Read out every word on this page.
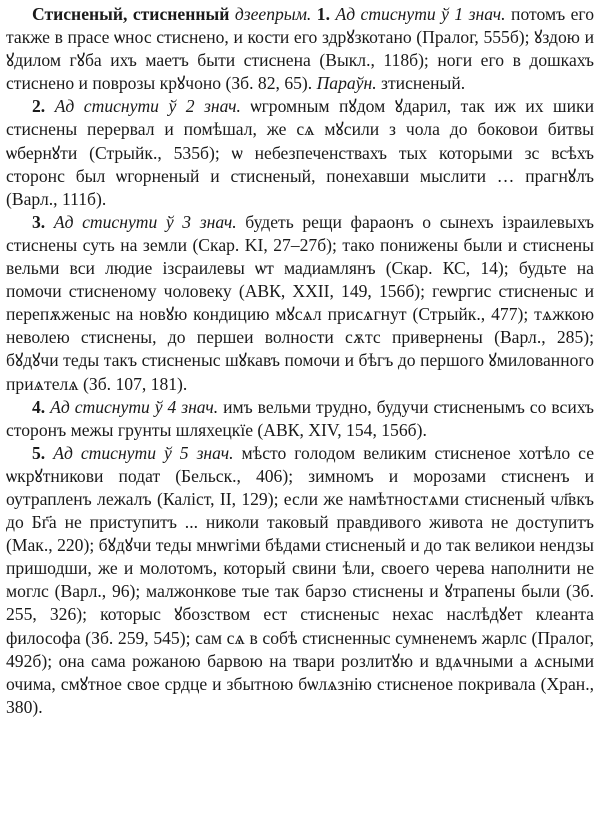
Стисненый, стисненный дзеепрым. 1. Ад стиснути ў 1 знач. потомъ его также в прасе ѡнос стиснено, и кости его здрꙋзкотано (Пралог, 555б); ꙋздою и ꙋдилом гꙋба ихъ маетъ быти стиснена (Выкл., 118б); ноги его в дошкахъ стиснено и поврозы крꙋчоно (Зб. 82, 65). Параўн. зтисненый.

2. Ад стиснути ў 2 знач. ѡгромным пꙋдом ꙋдарил, так иж их шики стиснены перервал и помѣшал, же сѧ мꙋсили з чола до боковои битвы ѡбернꙋти (Стрыйк., 535б); ѡ небезпеченствахъ тых которыми зс всѣхъ сторонс был ѡгорненый и стисненый, понехавши мыслити … прагнꙋлъ (Варл., 111б).

3. Ад стиснути ў 3 знач. будеть рещи фараонъ о сынехъ ізраилевыхъ стиснены суть на земли (Скар. KI, 27–27б); тако понижены были и стиснены вельми вси людие ізсраилевы ѡт мадиамлянъ (Скар. КС, 14); будьте на помочи стисненому чоловеку (АВК, XXII, 149, 156б); геѡргис стисненыс и перепѫженыс на новꙋю кондицию мꙋсѧл присѧгнут (Стрыйк., 477); тѧжкою неволею стиснены, до першеи волности сѫтс привернены (Варл., 285); бꙋдꙋчи теды такъ стисненыс шꙋкавъ помочи и бѣгъ до першого ꙋмилованного приѧтелѧ (Зб. 107, 181).

4. Ад стиснути ў 4 знач. имъ вельми трудно, будучи стисненымъ со всихъ сторонъ межы грунты шляхецкїе (АВК, XIV, 154, 156б).

5. Ад стиснути ў 5 знач. мѣсто голодом великим стисненое хотѣло се ѡкрꙋтникови подат (Бельск., 406); зимномъ и морозами стисненъ и оутрапленъ лежалъ (Каліст, II, 129); если же намѣтностѧми стисненый чл҃вкъ до Бг҃а не приступитъ ... николи таковый правдивого живота не доступитъ (Мак., 220); бꙋдꙋчи теды мнѡгіми бѣдами стисненый и до так великои нендзы пришодши, же и молотомъ, который свини ѣли, своего черева наполнити не моглс (Варл., 96); малжонкове тые так барзо стиснены и ꙋтрапены были (Зб. 255, 326); которыс ꙋбозством ест стисненыс нехас наслѣдꙋет клеанта философа (Зб. 259, 545); сам сѧ в собѣ стисненныс сумненемъ жарлс (Пралог, 492б); она сама рожаною барвою на твари розлитꙋю и вдѧчными а ѧсными очима, смꙋтное свое срдце и збытною бѡлѧзнію стисненое покривала (Хран., 380).
